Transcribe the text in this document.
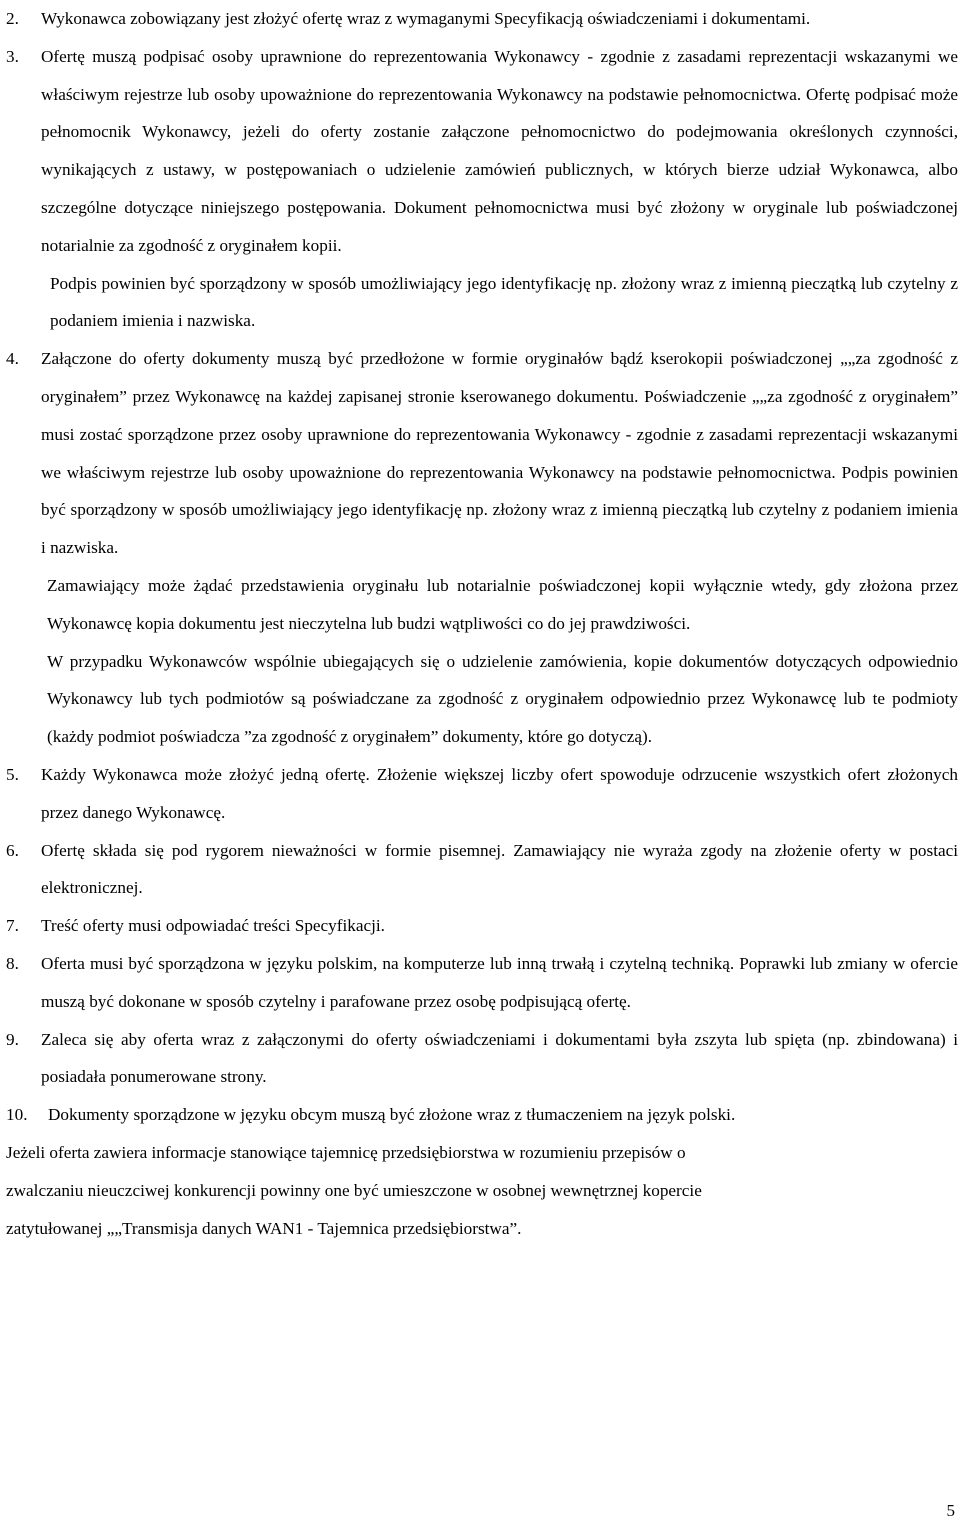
2. Wykonawca zobowiązany jest złożyć ofertę wraz z wymaganymi Specyfikacją oświadczeniami i dokumentami.
3. Ofertę muszą podpisać osoby uprawnione do reprezentowania Wykonawcy - zgodnie z zasadami reprezentacji wskazanymi we właściwym rejestrze lub osoby upoważnione do reprezentowania Wykonawcy na podstawie pełnomocnictwa. Ofertę podpisać może pełnomocnik Wykonawcy, jeżeli do oferty zostanie załączone pełnomocnictwo do podejmowania określonych czynności, wynikających z ustawy, w postępowaniach o udzielenie zamówień publicznych, w których bierze udział Wykonawca, albo szczególne dotyczące niniejszego postępowania. Dokument pełnomocnictwa musi być złożony w oryginale lub poświadczonej notarialnie za zgodność z oryginałem kopii.
Podpis powinien być sporządzony w sposób umożliwiający jego identyfikację np. złożony wraz z imienną pieczątką lub czytelny z podaniem imienia i nazwiska.
4. Załączone do oferty dokumenty muszą być przedłożone w formie oryginałów bądź kserokopii poświadczonej „„za zgodność z oryginałem” przez Wykonawcę na każdej zapisanej stronie kserowanego dokumentu. Poświadczenie „„za zgodność z oryginałem” musi zostać sporządzone przez osoby uprawnione do reprezentowania Wykonawcy - zgodnie z zasadami reprezentacji wskazanymi we właściwym rejestrze lub osoby upoważnione do reprezentowania Wykonawcy na podstawie pełnomocnictwa. Podpis powinien być sporządzony w sposób umożliwiający jego identyfikację np. złożony wraz z imienną pieczątką lub czytelny z podaniem imienia i nazwiska.
Zamawiający może żądać przedstawienia oryginału lub notarialnie poświadczonej kopii wyłącznie wtedy, gdy złożona przez Wykonawcę kopia dokumentu jest nieczytelna lub budzi wątpliwości co do jej prawdziwości.
W przypadku Wykonawców wspólnie ubiegających się o udzielenie zamówienia, kopie dokumentów dotyczących odpowiednio Wykonawcy lub tych podmiotów są poświadczane za zgodność z oryginałem odpowiednio przez Wykonawcę lub te podmioty (każdy podmiot poświadcza ”za zgodność z oryginałem” dokumenty, które go dotyczą).
5. Każdy Wykonawca może złożyć jedną ofertę. Złożenie większej liczby ofert spowoduje odrzucenie wszystkich ofert złożonych przez danego Wykonawcę.
6. Ofertę składa się pod rygorem nieważności w formie pisemnej. Zamawiający nie wyraża zgody na złożenie oferty w postaci elektronicznej.
7. Treść oferty musi odpowiadać treści Specyfikacji.
8. Oferta musi być sporządzona w języku polskim, na komputerze lub inną trwałą i czytelną techniką. Poprawki lub zmiany w ofercie muszą być dokonane w sposób czytelny i parafowane przez osobę podpisującą ofertę.
9. Zaleca się aby oferta wraz z załączonymi do oferty oświadczeniami i dokumentami była zszyta lub spięta (np. zbindowana) i posiadała ponumerowane strony.
10. Dokumenty sporządzone w języku obcym muszą być złożone wraz z tłumaczeniem na język polski.
Jeżeli oferta zawiera informacje stanowiące tajemnicę przedsiębiorstwa w rozumieniu przepisów o
zwalczaniu nieuczciwej konkurencji powinny one być umieszczone w osobnej wewnętrznej kopercie
zatytułowanej „„Transmisja danych WAN1 - Tajemnica przedsiębiorstwa”.
5
